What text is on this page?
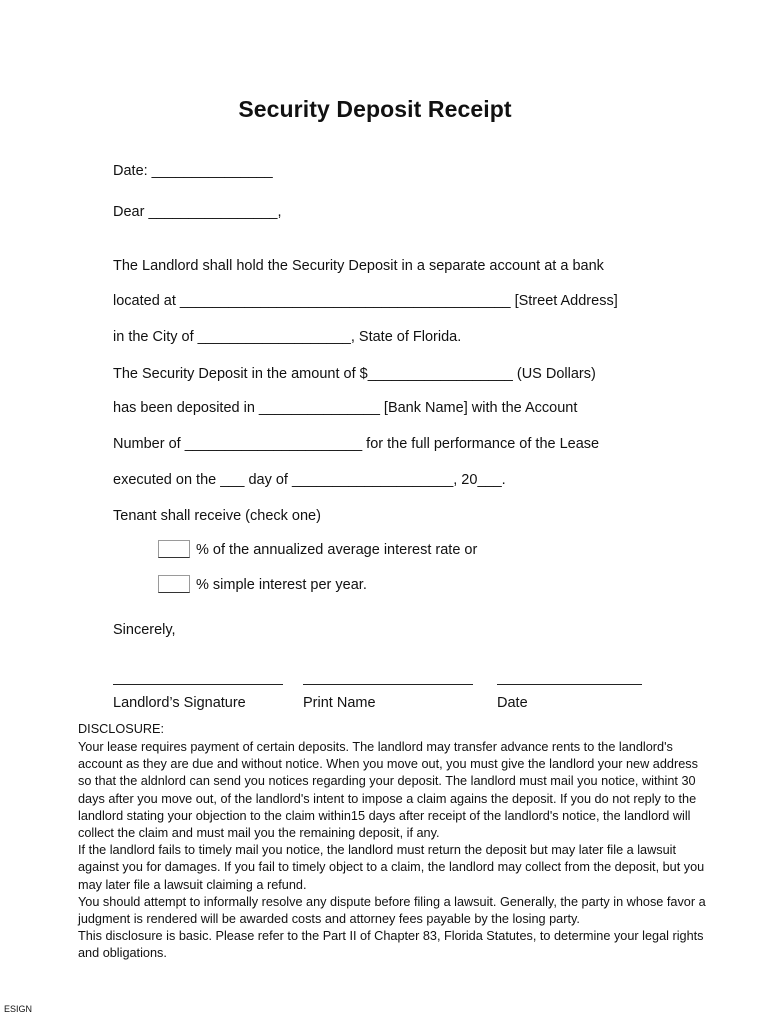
Security Deposit Receipt
Date: _______________
Dear ________________,
The Landlord shall hold the Security Deposit in a separate account at a bank
located at _________________________________________ [Street Address]
in the City of ___________________, State of Florida.
The Security Deposit in the amount of $__________________ (US Dollars)
has been deposited in _______________ [Bank Name] with the Account
Number of ______________________ for the full performance of the Lease
executed on the ___ day of ____________________, 20___.
Tenant shall receive (check one)
% of the annualized average interest rate or
% simple interest per year.
Sincerely,
Landlord’s Signature	Print Name	Date
DISCLOSURE:

Your lease requires payment of certain deposits. The landlord may transfer advance rents to the landlord's account as they are due and without notice. When you move out, you must give the landlord your new address so that the aldnlord can send you notices regarding your deposit. The landlord must mail you notice, withint 30 days after you move out, of the landlord's intent to impose a claim agains the deposit. If you do not reply to the landlord stating your objection to the claim within15 days after receipt of the landlord's notice, the landlord will collect the claim and must mail you the remaining deposit, if any.

If the landlord fails to timely mail you notice, the landlord must return the deposit but may later file a lawsuit against you for damages. If you fail to timely object to a claim, the landlord may collect from the deposit, but you may later file a lawsuit claiming a refund.

You should attempt to informally resolve any dispute before filing a lawsuit. Generally, the party in whose favor a judgment is rendered will be awarded costs and attorney fees payable by the losing party.

This disclosure is basic. Please refer to the Part II of Chapter 83, Florida Statutes, to determine your legal rights and obligations.

ESIGN
